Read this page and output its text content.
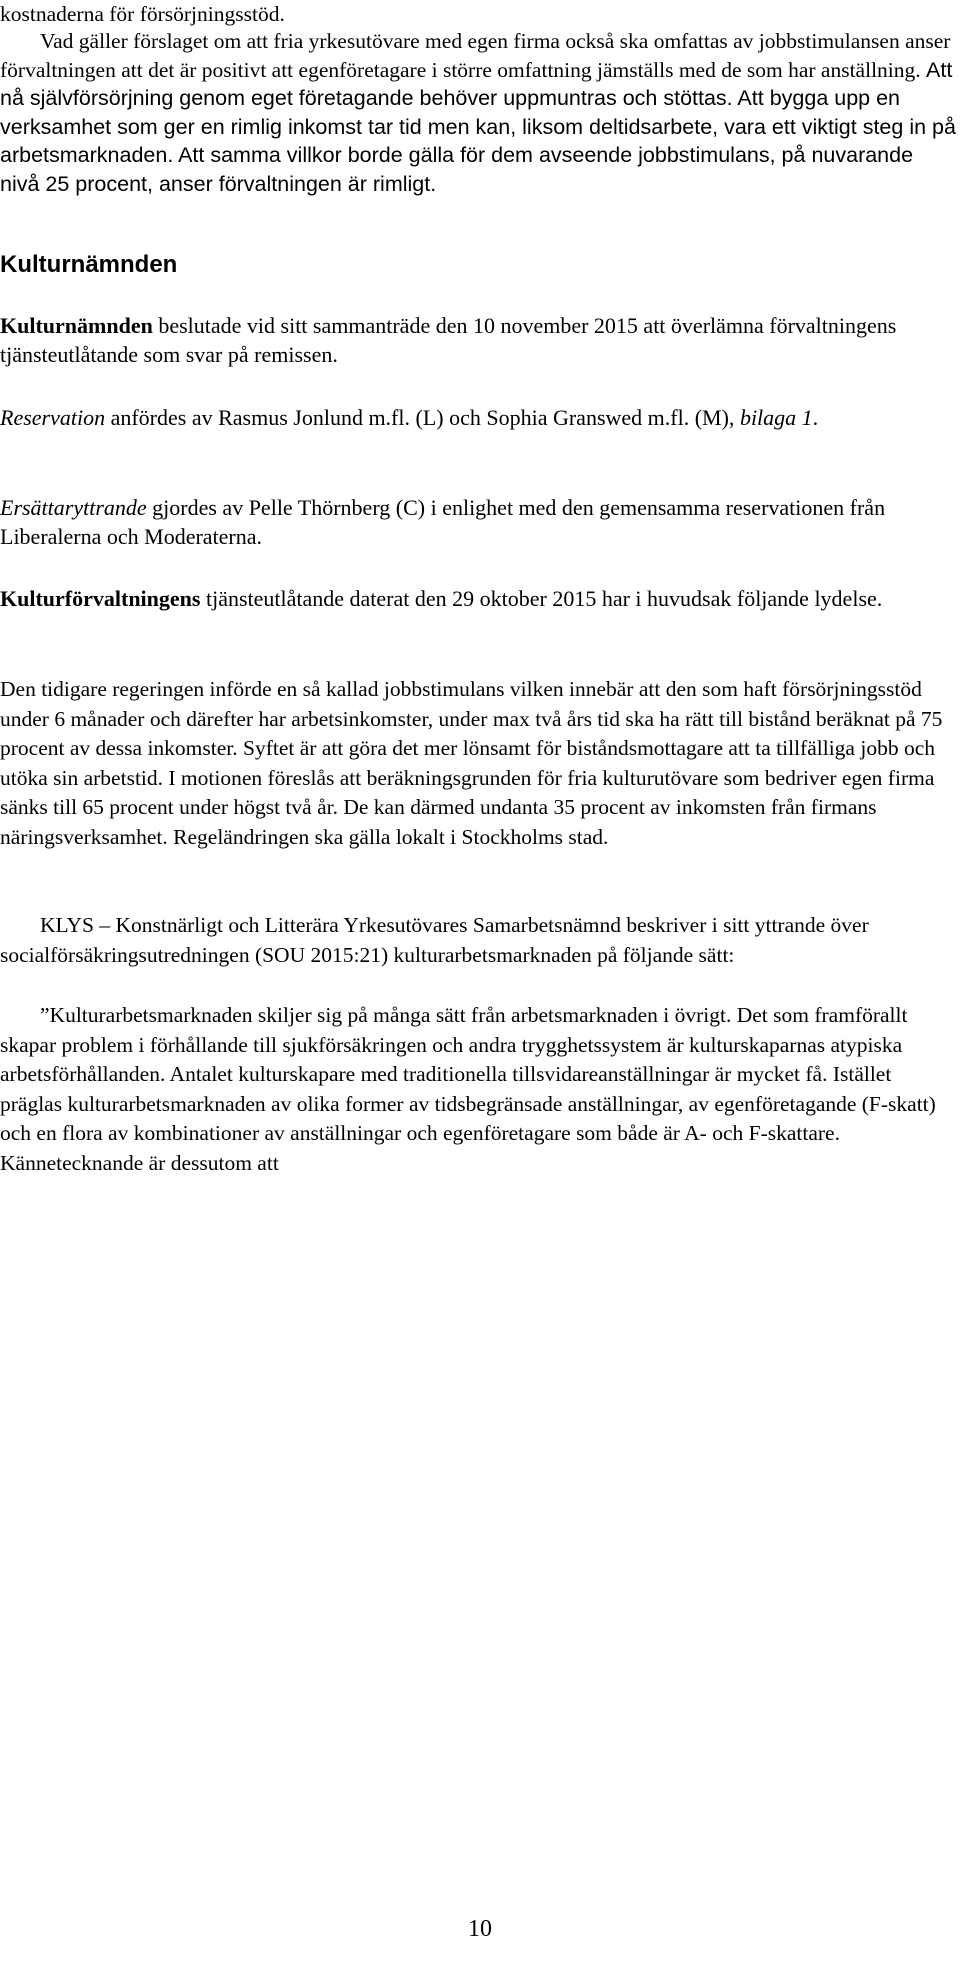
kostnaderna för försörjningsstöd.

Vad gäller förslaget om att fria yrkesutövare med egen firma också ska omfattas av jobbstimulansen anser förvaltningen att det är positivt att egenföretagare i större omfattning jämställs med de som har anställning. Att nå självförsörjning genom eget företagande behöver uppmuntras och stöttas. Att bygga upp en verksamhet som ger en rimlig inkomst tar tid men kan, liksom deltidsarbete, vara ett viktigt steg in på arbetsmarknaden. Att samma villkor borde gälla för dem avseende jobbstimulans, på nuvarande nivå 25 procent, anser förvaltningen är rimligt.

Kulturnämnden

Kulturnämnden beslutade vid sitt sammanträde den 10 november 2015 att överlämna förvaltningens tjänsteutlåtande som svar på remissen.

Reservation anfördes av Rasmus Jonlund m.fl. (L) och Sophia Granswed m.fl. (M), bilaga 1.

Ersättaryttrande gjordes av Pelle Thörnberg (C) i enlighet med den gemensamma reservationen från Liberalerna och Moderaterna.

Kulturförvaltningens tjänsteutlåtande daterat den 29 oktober 2015 har i huvudsak följande lydelse.

Den tidigare regeringen införde en så kallad jobbstimulans vilken innebär att den som haft försörjningsstöd under 6 månader och därefter har arbetsinkomster, under max två års tid ska ha rätt till bistånd beräknat på 75 procent av dessa inkomster. Syftet är att göra det mer lönsamt för biståndsmottagare att ta tillfälliga jobb och utöka sin arbetstid. I motionen föreslås att beräkningsgrunden för fria kulturutövare som bedriver egen firma sänks till 65 procent under högst två år. De kan därmed undanta 35 procent av inkomsten från firmans näringsverksamhet. Regeländringen ska gälla lokalt i Stockholms stad.

KLYS – Konstnärligt och Litterära Yrkesutövares Samarbetsnämnd beskriver i sitt yttrande över socialförsäkringsutredningen (SOU 2015:21) kulturarbetsmarknaden på följande sätt:

”Kulturarbetsmarknaden skiljer sig på många sätt från arbetsmarknaden i övrigt. Det som framförallt skapar problem i förhållande till sjukförsäkringen och andra trygghetssystem är kulturskaparnas atypiska arbetsförhållanden. Antalet kulturskapare med traditionella tillsvidareanställningar är mycket få. Istället präglas kulturarbetsmarknaden av olika former av tidsbegränsade anställningar, av egenföretagande (F-skatt) och en flora av kombinationer av anställningar och egenföretagare som både är A- och F-skattare. Kännetecknande är dessutom att

10
